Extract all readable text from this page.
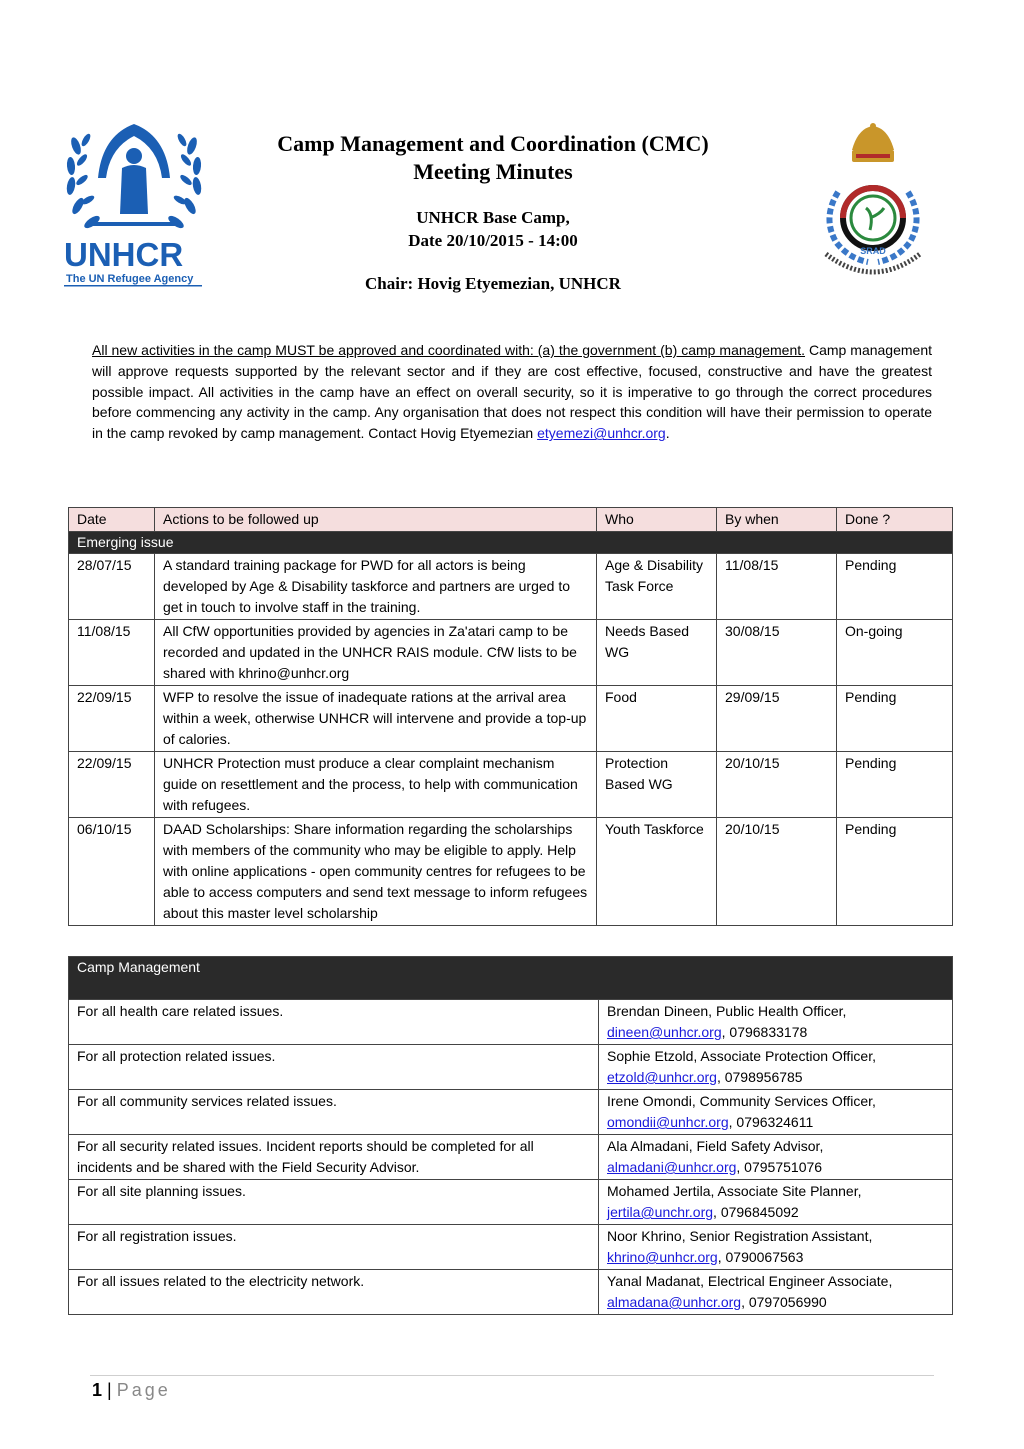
UNHCR
The UN Refugee Agency
SRAD
Camp Management and Coordination (CMC)
Meeting Minutes
UNHCR Base Camp,
Date 20/10/2015 - 14:00
Chair: Hovig Etyemezian, UNHCR
All new activities in the camp MUST be approved and coordinated with: (a) the government (b) camp management. Camp management will approve requests supported by the relevant sector and if they are cost effective, focused, constructive and have the greatest possible impact. All activities in the camp have an effect on overall security, so it is imperative to go through the correct procedures before commencing any activity in the camp. Any organisation that does not respect this condition will have their permission to operate in the camp revoked by camp management. Contact Hovig Etyemezian etyemezi@unhcr.org.
Date	Actions to be followed up	Who	By when	Done ?
Emerging issue				
28/07/15	A standard training package for PWD for all actors is being developed by Age & Disability taskforce and partners are urged to get in touch to involve staff in the training.	Age & Disability Task Force	11/08/15	Pending
11/08/15	All CfW opportunities provided by agencies in Za'atari camp to be recorded and updated in the UNHCR RAIS module. CfW lists to be shared with khrino@unhcr.org	Needs Based WG	30/08/15	On-going
22/09/15	WFP to resolve the issue of inadequate rations at the arrival area within a week, otherwise UNHCR will intervene and provide a top-up of calories.	Food	29/09/15	Pending
22/09/15	UNHCR Protection must produce a clear complaint mechanism guide on resettlement and the process, to help with communication with refugees.	Protection Based WG	20/10/15	Pending
06/10/15	DAAD Scholarships: Share information regarding the scholarships with members of the community who may be eligible to apply. Help with online applications - open community centres for refugees to be able to access computers and send text message to inform refugees about this master level scholarship	Youth Taskforce	20/10/15	Pending
Camp Management	
For all health care related issues.	Brendan Dineen, Public Health Officer,
dineen@unhcr.org, 0796833178
For all protection related issues.	Sophie Etzold, Associate Protection Officer,
etzold@unhcr.org, 0798956785
For all community services related issues.	Irene Omondi, Community Services Officer,
omondii@unhcr.org, 0796324611
For all security related issues. Incident reports should be completed for all incidents and be shared with the Field Security Advisor.	Ala Almadani, Field Safety Advisor,
almadani@unhcr.org, 0795751076
For all site planning issues.	Mohamed Jertila, Associate Site Planner,
jertila@unchr.org, 0796845092
For all registration issues.	Noor Khrino, Senior Registration Assistant,
khrino@unhcr.org, 0790067563
For all issues related to the electricity network.	Yanal Madanat, Electrical Engineer Associate,
almadana@unhcr.org, 0797056990
1 | Page
